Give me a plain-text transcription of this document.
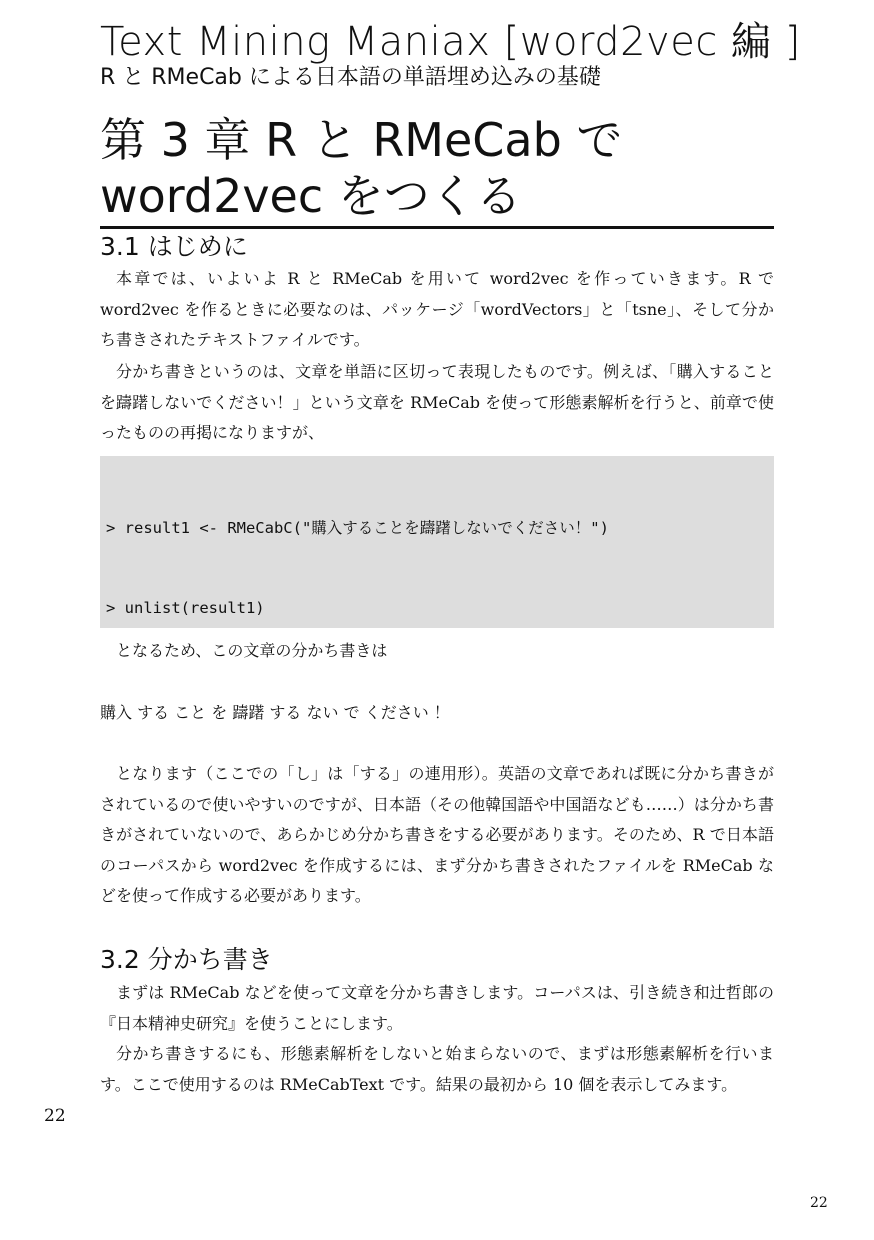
Text Mining Maniax [word2vec 編 ]
R と RMeCab による日本語の単語埋め込みの基礎
第 3 章 R と RMeCab で
word2vec をつくる
3.1 はじめに

本章では、いよいよ R と RMeCab を用いて word2vec を作っていきます。R で word2vec を作るときに必要なのは、パッケージ「wordVectors」と「tsne」、そして分かち書きされたテキストファイルです。

分かち書きというのは、文章を単語に区切って表現したものです。例えば、「購入することを躊躇しないでください！」という文章を RMeCab を使って形態素解析を行うと、前章で使ったものの再掲になりますが、

> result1 <- RMeCabC("購入することを躊躇しないでください！")

> unlist(result1)

となるため、この文章の分かち書きは

購入 する こと を 躊躇 する ない で ください ！

となります（ここでの「し」は「する」の連用形）。英語の文章であれば既に分かち書きがされているので使いやすいのですが、日本語（その他韓国語や中国語なども……）は分かち書きがされていないので、あらかじめ分かち書きをする必要があります。そのため、R で日本語のコーパスから word2vec を作成するには、まず分かち書きされたファイルを RMeCab などを使って作成する必要があります。

3.2 分かち書き

まずは RMeCab などを使って文章を分かち書きします。コーパスは、引き続き和辻哲郎の『日本精神史研究』を使うことにします。

分かち書きするにも、形態素解析をしないと始まらないので、まずは形態素解析を行います。ここで使用するのは RMeCabText です。結果の最初から 10 個を表示してみます。

22
22
